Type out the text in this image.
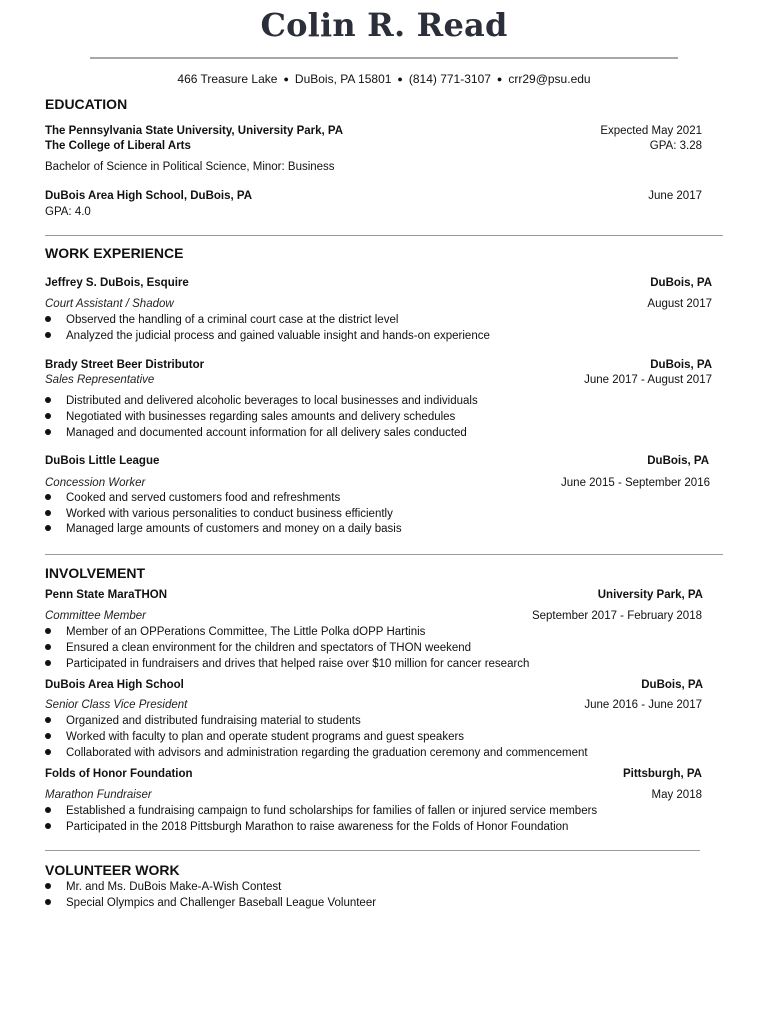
Colin R. Read
466 Treasure Lake ● DuBois, PA 15801 ● (814) 771-3107 ● crr29@psu.edu
EDUCATION
The Pennsylvania State University, University Park, PA	Expected May 2021
The College of Liberal Arts	GPA: 3.28
Bachelor of Science in Political Science, Minor: Business
DuBois Area High School, DuBois, PA	June 2017
GPA: 4.0
WORK EXPERIENCE
Jeffrey S. DuBois, Esquire	DuBois, PA
Court Assistant / Shadow	August 2017
Observed the handling of a criminal court case at the district level
Analyzed the judicial process and gained valuable insight and hands-on experience
Brady Street Beer Distributor	DuBois, PA
Sales Representative	June 2017 - August 2017
Distributed and delivered alcoholic beverages to local businesses and individuals
Negotiated with businesses regarding sales amounts and delivery schedules
Managed and documented account information for all delivery sales conducted
DuBois Little League	DuBois, PA
Concession Worker	June 2015 - September 2016
Cooked and served customers food and refreshments
Worked with various personalities to conduct business efficiently
Managed large amounts of customers and money on a daily basis
INVOLVEMENT
Penn State MaraTHON	University Park, PA
Committee Member	September 2017 - February 2018
Member of an OPPerations Committee, The Little Polka dOPP Hartinis
Ensured a clean environment for the children and spectators of THON weekend
Participated in fundraisers and drives that helped raise over $10 million for cancer research
DuBois Area High School	DuBois, PA
Senior Class Vice President	June 2016 - June 2017
Organized and distributed fundraising material to students
Worked with faculty to plan and operate student programs and guest speakers
Collaborated with advisors and administration regarding the graduation ceremony and commencement
Folds of Honor Foundation	Pittsburgh, PA
Marathon Fundraiser	May 2018
Established a fundraising campaign to fund scholarships for families of fallen or injured service members
Participated in the 2018 Pittsburgh Marathon to raise awareness for the Folds of Honor Foundation
VOLUNTEER WORK
Mr. and Ms. DuBois Make-A-Wish Contest
Special Olympics and Challenger Baseball League Volunteer
